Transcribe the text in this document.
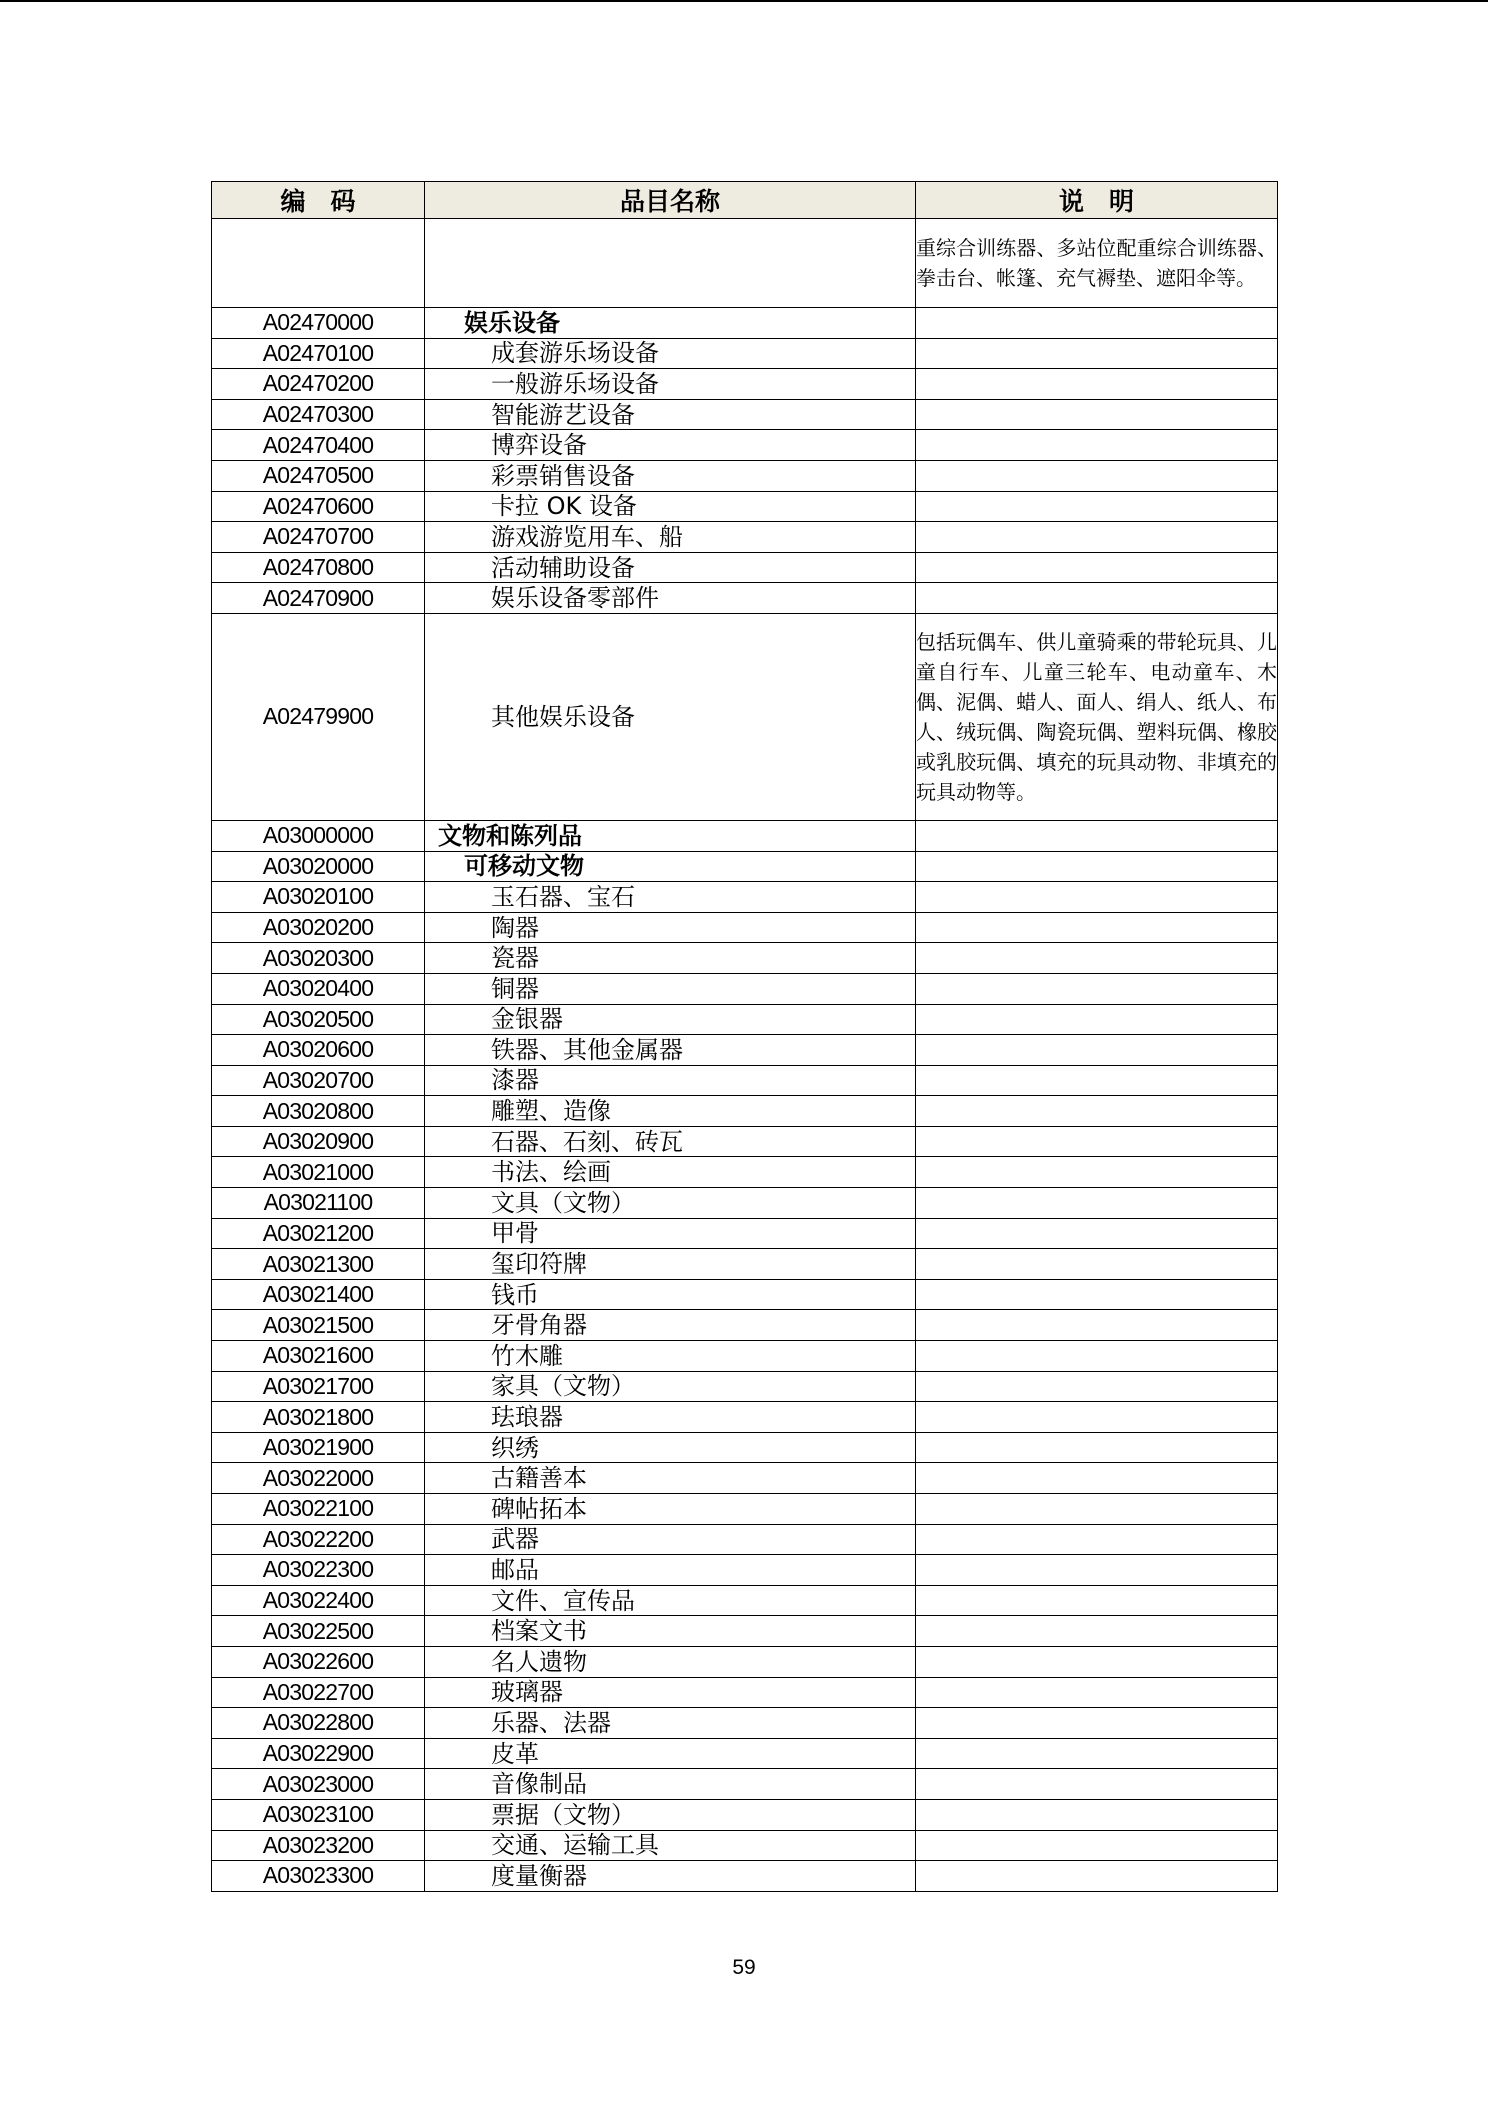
编　码	品目名称	说　明
		重综合训练器、多站位配重综合训练器、拳击台、帐篷、充气褥垫、遮阳伞等。
A02470000	娱乐设备	
A02470100	成套游乐场设备	
A02470200	一般游乐场设备	
A02470300	智能游艺设备	
A02470400	博弈设备	
A02470500	彩票销售设备	
A02470600	卡拉 OK 设备	
A02470700	游戏游览用车、船	
A02470800	活动辅助设备	
A02470900	娱乐设备零部件	
A02479900	其他娱乐设备	包括玩偶车、供儿童骑乘的带轮玩具、儿童自行车、儿童三轮车、电动童车、木偶、泥偶、蜡人、面人、绢人、纸人、布人、绒玩偶、陶瓷玩偶、塑料玩偶、橡胶或乳胶玩偶、填充的玩具动物、非填充的玩具动物等。
A03000000	文物和陈列品	
A03020000	可移动文物	
A03020100	玉石器、宝石	
A03020200	陶器	
A03020300	瓷器	
A03020400	铜器	
A03020500	金银器	
A03020600	铁器、其他金属器	
A03020700	漆器	
A03020800	雕塑、造像	
A03020900	石器、石刻、砖瓦	
A03021000	书法、绘画	
A03021100	文具（文物）	
A03021200	甲骨	
A03021300	玺印符牌	
A03021400	钱币	
A03021500	牙骨角器	
A03021600	竹木雕	
A03021700	家具（文物）	
A03021800	珐琅器	
A03021900	织绣	
A03022000	古籍善本	
A03022100	碑帖拓本	
A03022200	武器	
A03022300	邮品	
A03022400	文件、宣传品	
A03022500	档案文书	
A03022600	名人遗物	
A03022700	玻璃器	
A03022800	乐器、法器	
A03022900	皮革	
A03023000	音像制品	
A03023100	票据（文物）	
A03023200	交通、运输工具	
A03023300	度量衡器	
59
